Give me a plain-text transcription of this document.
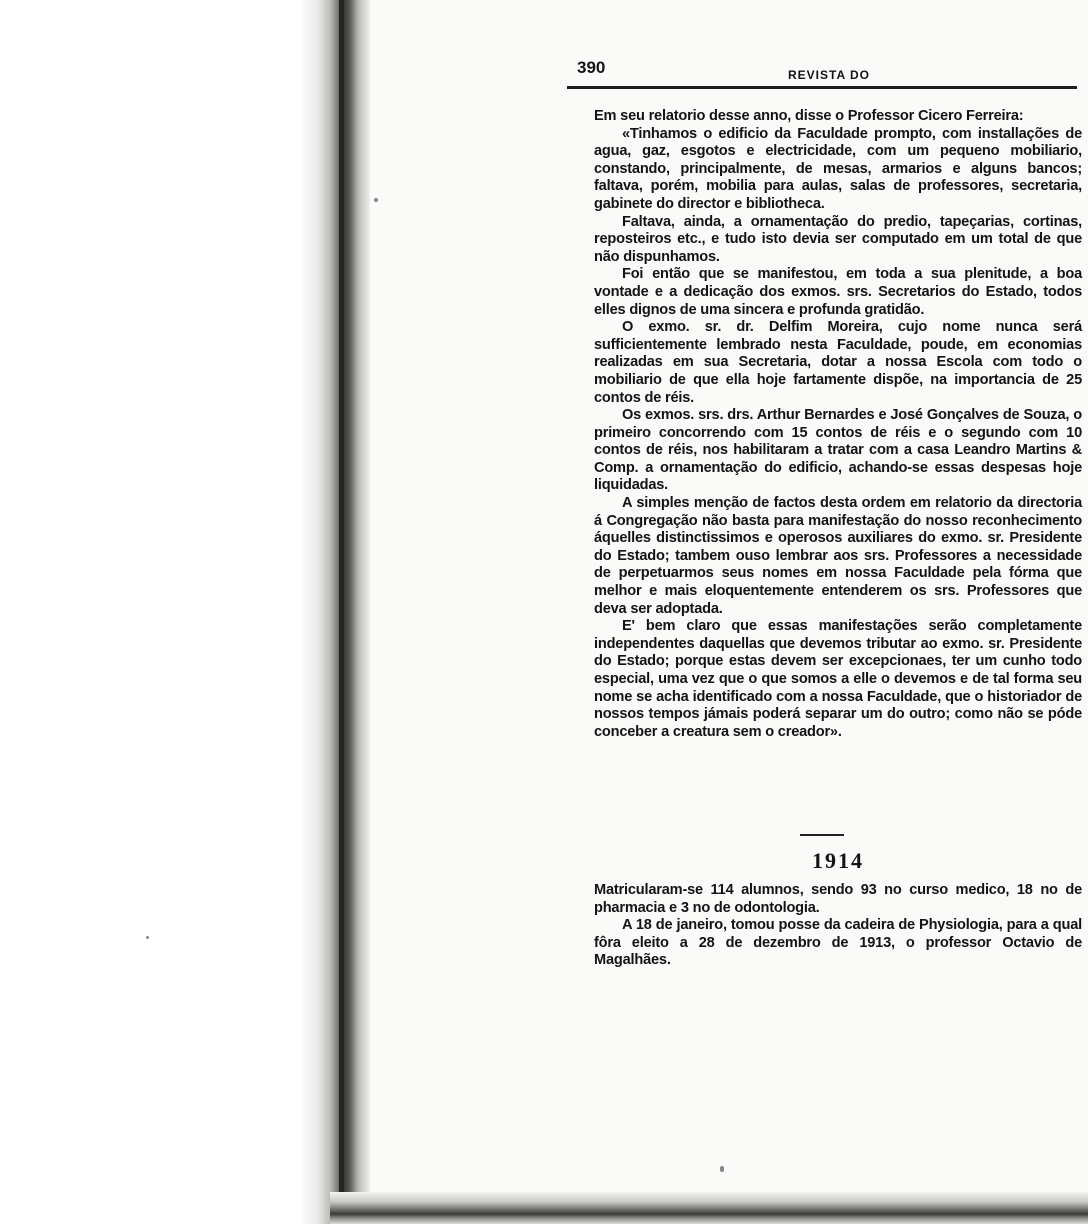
390	REVISTA DO

Em seu relatorio desse anno, disse o Professor Cicero Ferreira:

«Tinhamos o edificio da Faculdade prompto, com installações de agua, gaz, esgotos e electricidade, com um pequeno mobiliario, constando, principalmente, de mesas, armarios e alguns bancos; faltava, porém, mobilia para aulas, salas de professores, secretaria, gabinete do director e bibliotheca.

Faltava, ainda, a ornamentação do predio, tapeçarias, cortinas, reposteiros etc., e tudo isto devia ser computado em um total de que não dispunhamos.

Foi então que se manifestou, em toda a sua plenitude, a boa vontade e a dedicação dos exmos. srs. Secretarios do Estado, todos elles dignos de uma sincera e profunda gratidão.

O exmo. sr. dr. Delfim Moreira, cujo nome nunca será sufficientemente lembrado nesta Faculdade, poude, em economias realizadas em sua Secretaria, dotar a nossa Escola com todo o mobiliario de que ella hoje fartamente dispõe, na importancia de 25 contos de réis.

Os exmos. srs. drs. Arthur Bernardes e José Gonçalves de Souza, o primeiro concorrendo com 15 contos de réis e o segundo com 10 contos de réis, nos habilitaram a tratar com a casa Leandro Martins & Comp. a ornamentação do edificio, achando-se essas despesas hoje liquidadas.

A simples menção de factos desta ordem em relatorio da directoria á Congregação não basta para manifestação do nosso reconhecimento áquelles distinctissimos e operosos auxiliares do exmo. sr. Presidente do Estado; tambem ouso lembrar aos srs. Professores a necessidade de perpetuarmos seus nomes em nossa Faculdade pela fórma que melhor e mais eloquentemente entenderem os srs. Professores que deva ser adoptada.

E' bem claro que essas manifestações serão completamente independentes daquellas que devemos tributar ao exmo. sr. Presidente do Estado; porque estas devem ser excepcionaes, ter um cunho todo especial, uma vez que o que somos a elle o devemos e de tal forma seu nome se acha identificado com a nossa Faculdade, que o historiador de nossos tempos jámais poderá separar um do outro; como não se póde conceber a creatura sem o creador».

1914

Matricularam-se 114 alumnos, sendo 93 no curso medico, 18 no de pharmacia e 3 no de odontologia.

A 18 de janeiro, tomou posse da cadeira de Physiologia, para a qual fôra eleito a 28 de dezembro de 1913, o professor Octavio de Magalhães.
